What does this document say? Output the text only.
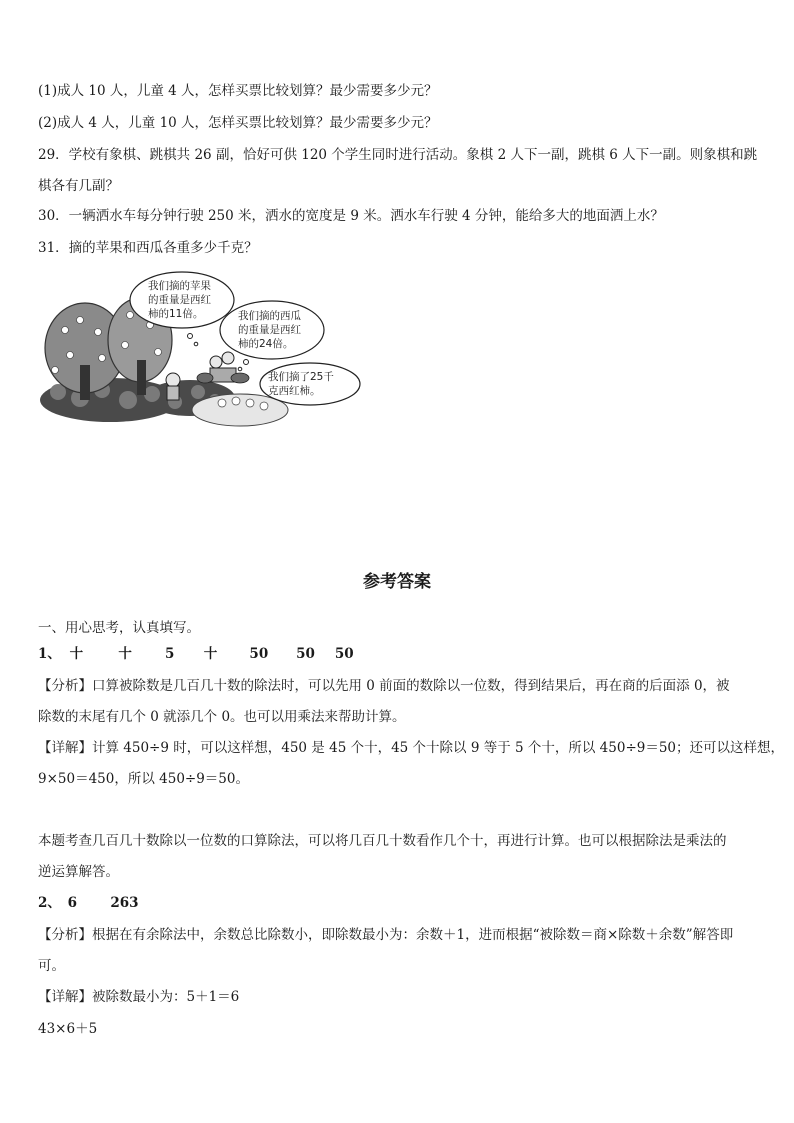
(1)成人 10 人，儿童 4 人，怎样买票比较划算？最少需要多少元？
(2)成人 4 人，儿童 10 人，怎样买票比较划算？最少需要多少元？
29．学校有象棋、跳棋共 26 副，恰好可供 120 个学生同时进行活动。象棋 2 人下一副，跳棋 6 人下一副。则象棋和跳
棋各有几副？
30．一辆洒水车每分钟行驶 250 米，洒水的宽度是 9 米。洒水车行驶 4 分钟，能给多大的地面洒上水？
31．摘的苹果和西瓜各重多少千克？
我们摘的苹果
的重量是西红
柿的11倍。	我们摘的西瓜
的重量是西红
柿的24倍。
我们摘了25千
克西红柿。
参考答案
一、用心思考，认真填写。
1、 十	十 5 十 50 50 50
【分析】口算被除数是几百几十数的除法时，可以先用 0 前面的数除以一位数，得到结果后，再在商的后面添 0，被
除数的末尾有几个 0 就添几个 0。也可以用乘法来帮助计算。
【详解】计算 450÷9 时，可以这样想，450 是 45 个十，45 个十除以 9 等于 5 个十，所以 450÷9＝50；还可以这样想，
9×50＝450，所以 450÷9＝50。
本题考查几百几十数除以一位数的口算除法，可以将几百几十数看作几个十，再进行计算。也可以根据除法是乘法的
逆运算解答。
2、 6 263
【分析】根据在有余除法中，余数总比除数小，即除数最小为：余数＋1，进而根据“被除数＝商×除数＋余数”解答即
可。
【详解】被除数最小为：5＋1＝6
43×6＋5
